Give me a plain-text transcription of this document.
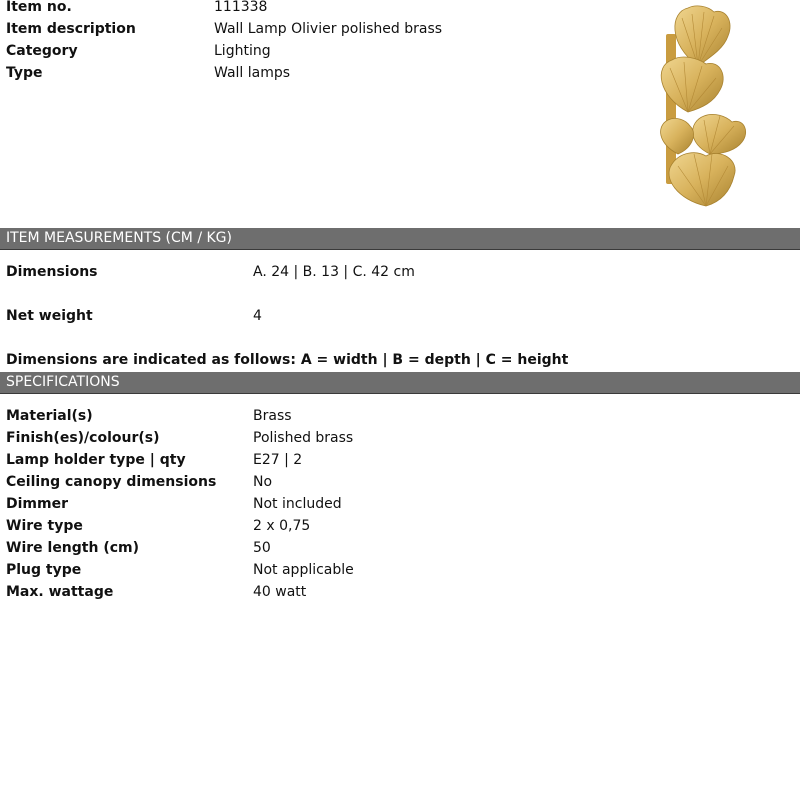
Item no.	111338
Item description	Wall Lamp Olivier polished brass
Category	Lighting
Type	Wall lamps
ITEM MEASUREMENTS (CM / KG)
Dimensions	A. 24 | B. 13 | C. 42 cm
Net weight	4
Dimensions are indicated as follows: A = width | B = depth | C = height
SPECIFICATIONS
Material(s)	Brass
Finish(es)/colour(s)	Polished brass
Lamp holder type | qty	E27 | 2
Ceiling canopy dimensions	No
Dimmer	Not included
Wire type	2 x 0,75
Wire length (cm)	50
Plug type	Not applicable
Max. wattage	40 watt
